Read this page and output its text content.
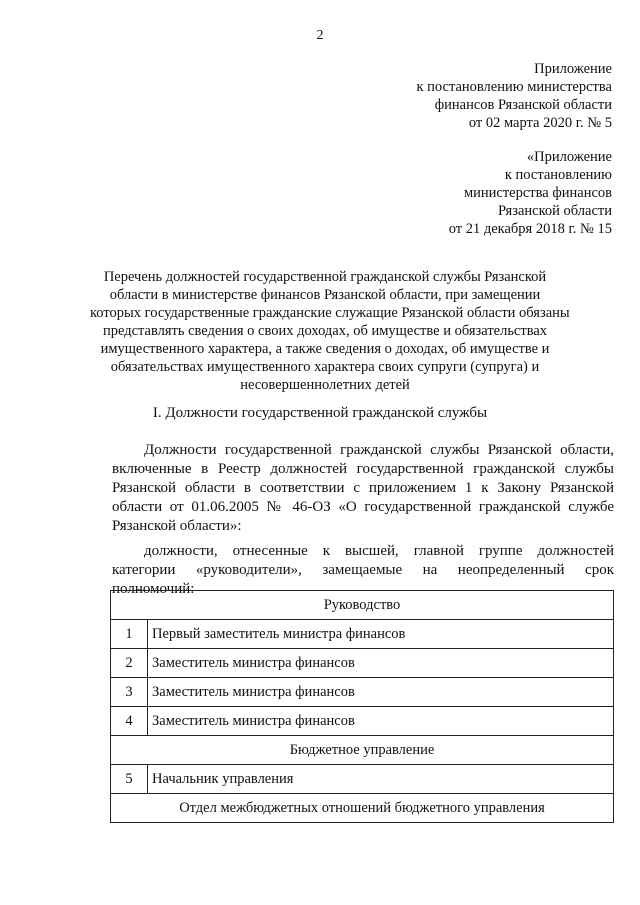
2
Приложение
к постановлению министерства
финансов Рязанской области
от 02 марта 2020 г. № 5
«Приложение
к постановлению
министерства финансов
Рязанской области
от 21 декабря 2018 г. № 15
Перечень должностей государственной гражданской службы Рязанской
области в министерстве финансов Рязанской области, при замещении
которых государственные гражданские служащие Рязанской области обязаны
представлять сведения о своих доходах, об имуществе и обязательствах
имущественного характера, а также сведения о доходах, об имуществе и
обязательствах имущественного характера своих супруги (супруга) и
несовершеннолетних детей
I. Должности государственной гражданской службы
Должности государственной гражданской службы Рязанской области, включенные в Реестр должностей государственной гражданской службы Рязанской области в соответствии с приложением 1 к Закону Рязанской области от 01.06.2005 № 46-ОЗ «О государственной гражданской службе Рязанской области»:
должности, отнесенные к высшей, главной группе должностей категории «руководители», замещаемые на неопределенный срок полномочий:
Руководство	
1	Первый заместитель министра финансов
2	Заместитель министра финансов
3	Заместитель министра финансов
4	Заместитель министра финансов
Бюджетное управление	
5	Начальник управления
Отдел межбюджетных отношений бюджетного управления	
